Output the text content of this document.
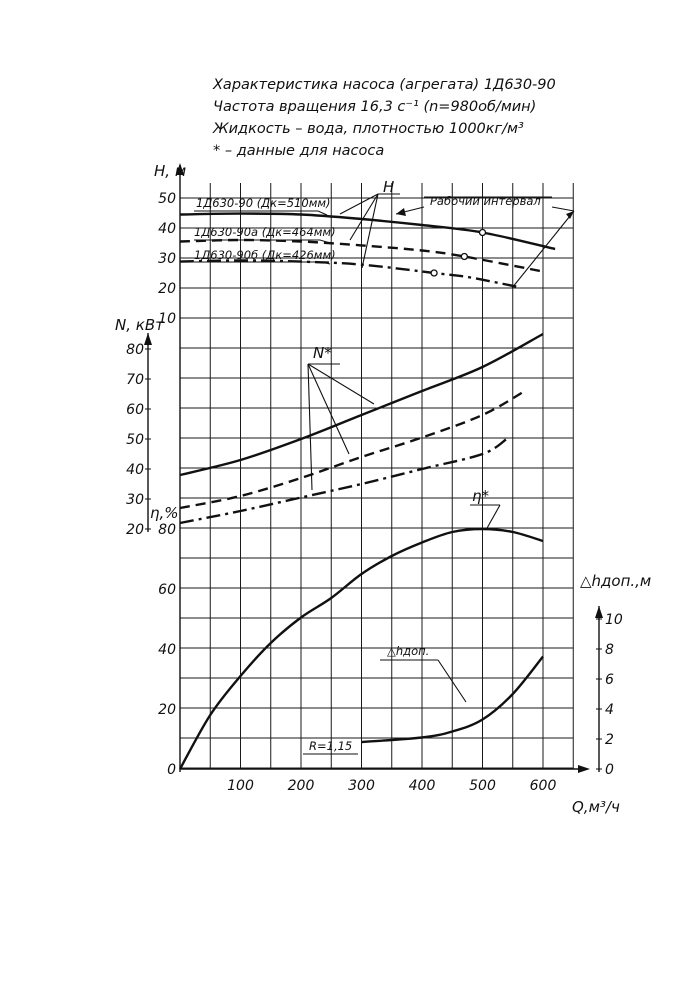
Характеристика насоса (агрегата) 1Д630-90
Частота вращения 16,3 с⁻¹ (n=980об/мин)
Жидкость – вода, плотностью 1000кг/м³
* – данные для насоса
H, м
N, кВт
η,%
△hдоп.,м
Q,м³/ч
10
20
30
40
50
20
30
40
50
60
70
80
0
20
40
60
80
0
2
4
6
8
10
100 200 300 400 500 600
1Д630-90 (Дк=510мм)
1Д630-90а (Дк=464мм)
1Д630-90б (Дк=426мм)
H
Рабочий интервал
N*
η*
△hдоп.
R=1,15
